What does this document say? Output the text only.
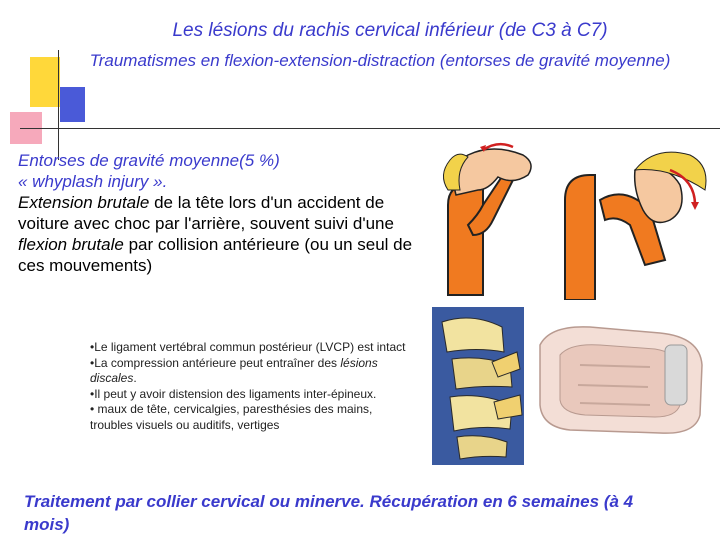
Les lésions du rachis cervical inférieur (de C3 à C7)

Traumatismes en flexion-extension-distraction (entorses de gravité moyenne)

Entorses de gravité moyenne(5 %)
« whyplash injury ».
Extension brutale de la tête lors d'un accident de voiture avec choc par l'arrière, souvent suivi d'une flexion brutale par collision antérieure (ou un seul de ces mouvements)
•Le ligament vertébral commun postérieur (LVCP) est intact
•La compression antérieure peut entraîner des lésions discales.
•Il peut y avoir distension des ligaments inter-épineux.
• maux de tête, cervicalgies, paresthésies des mains, troubles visuels ou auditifs, vertiges
Traitement par collier cervical ou minerve. Récupération en 6 semaines (à 4 mois)
